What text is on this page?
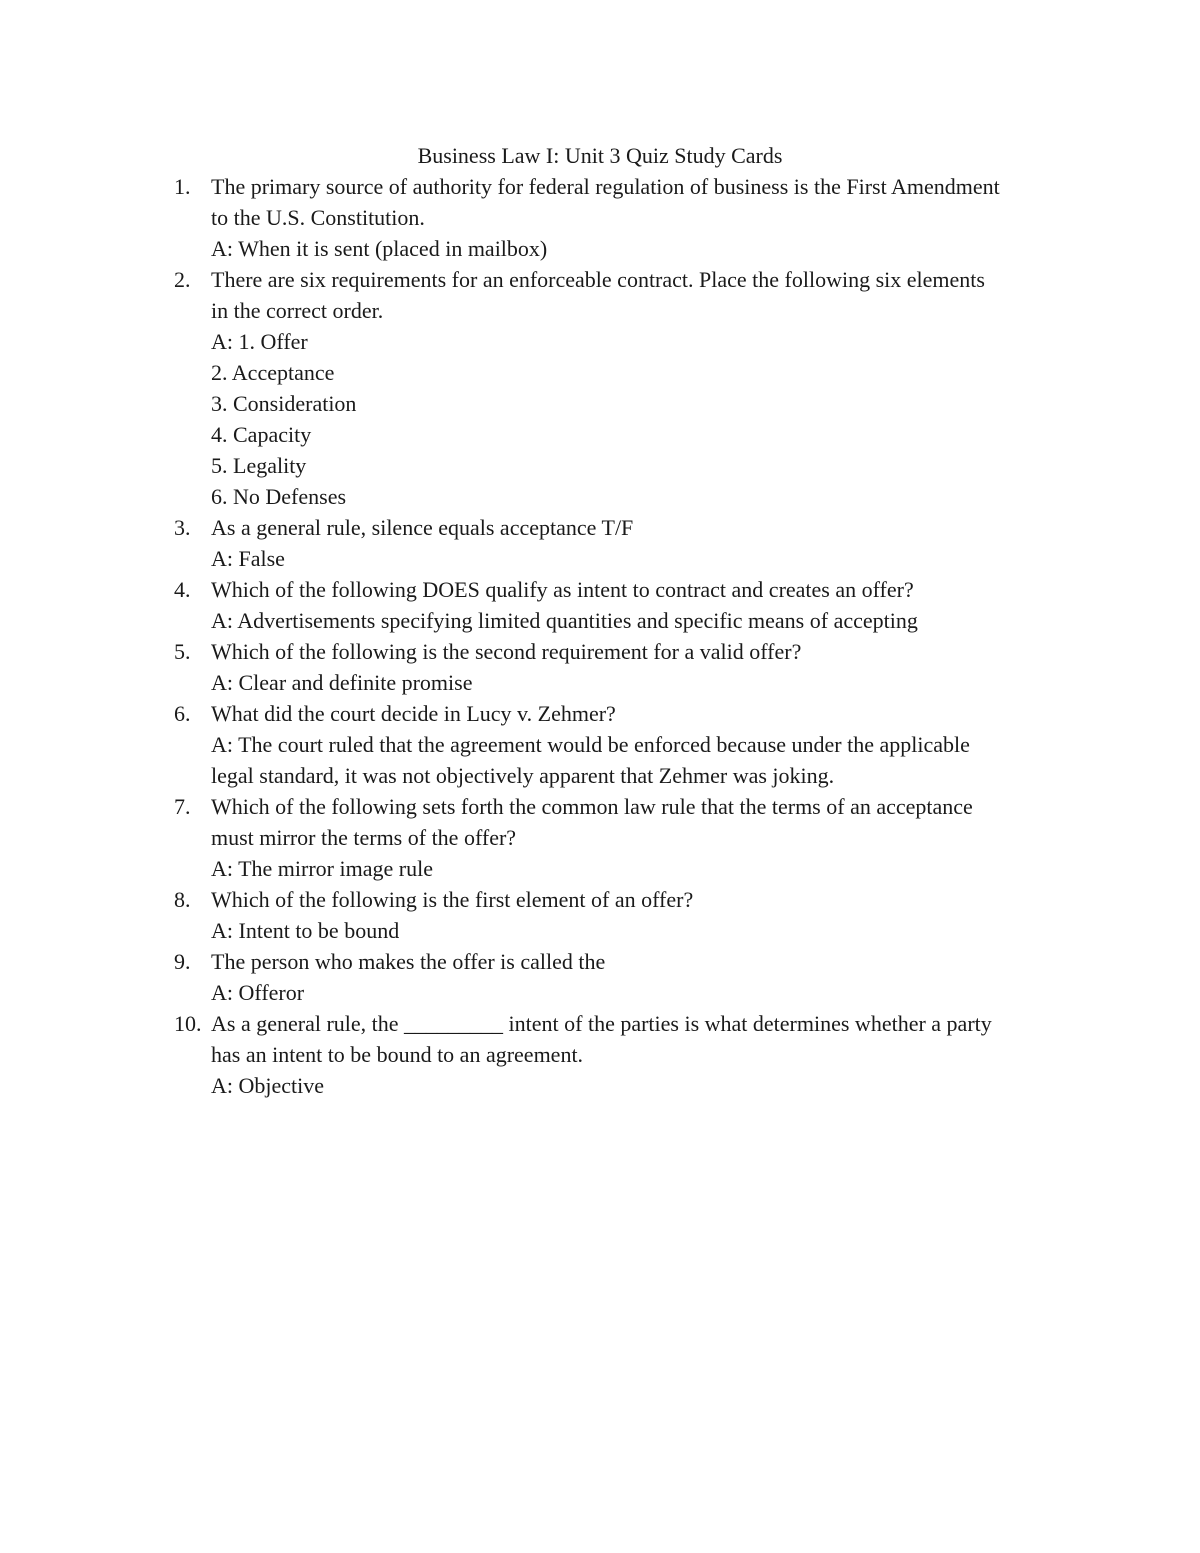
Business Law I: Unit 3 Quiz Study Cards
1. The primary source of authority for federal regulation of business is the First Amendment
to the U.S. Constitution.
A: When it is sent (placed in mailbox)
2. There are six requirements for an enforceable contract. Place the following six elements
in the correct order.
A: 1. Offer
2. Acceptance
3. Consideration
4. Capacity
5. Legality
6. No Defenses
3. As a general rule, silence equals acceptance T/F
A: False
4. Which of the following DOES qualify as intent to contract and creates an offer?
A: Advertisements specifying limited quantities and specific means of accepting
5. Which of the following is the second requirement for a valid offer?
A: Clear and definite promise
6. What did the court decide in Lucy v. Zehmer?
A: The court ruled that the agreement would be enforced because under the applicable
legal standard, it was not objectively apparent that Zehmer was joking.
7. Which of the following sets forth the common law rule that the terms of an acceptance
must mirror the terms of the offer?
A: The mirror image rule
8. Which of the following is the first element of an offer?
A: Intent to be bound
9. The person who makes the offer is called the
A: Offeror
10. As a general rule, the _________ intent of the parties is what determines whether a party
has an intent to be bound to an agreement.
A: Objective
